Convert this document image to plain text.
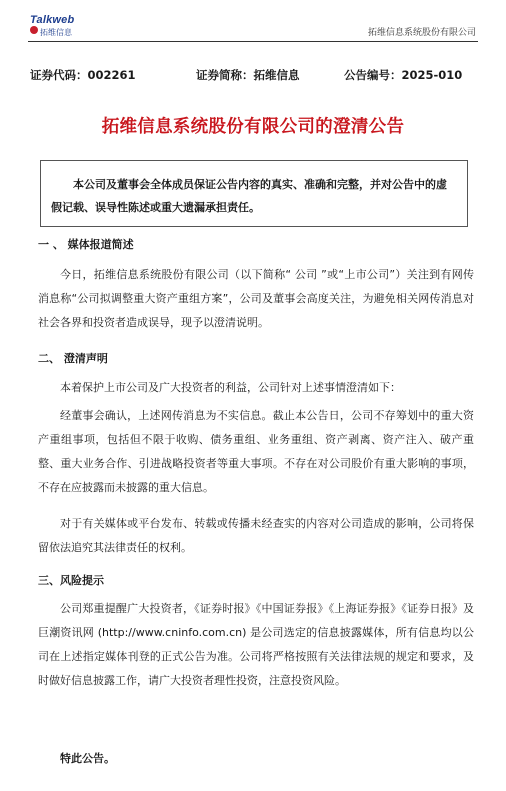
Talkweb
拓维信息	拓维信息系统股份有限公司
证券代码：002261	证券简称：拓维信息	公告编号：2025-010
拓维信息系统股份有限公司的澄清公告

本公司及董事会全体成员保证公告内容的真实、准确和完整，并对公告中的虚假记载、误导性陈述或重大遗漏承担责任。

一 、 媒体报道简述

今日，拓维信息系统股份有限公司（以下简称“ 公司 ”或“上市公司”）关注到有网传消息称“公司拟调整重大资产重组方案”，公司及董事会高度关注，为避免相关网传消息对社会各界和投资者造成误导，现予以澄清说明。

二、 澄清声明

本着保护上市公司及广大投资者的利益，公司针对上述事情澄清如下：

经董事会确认，上述网传消息为不实信息。截止本公告日，公司不存筹划中的重大资产重组事项，包括但不限于收购、债务重组、业务重组、资产剥离、资产注入、破产重整、重大业务合作、引进战略投资者等重大事项。不存在对公司股价有重大影响的事项，不存在应披露而未披露的重大信息。

对于有关媒体或平台发布、转载或传播未经查实的内容对公司造成的影响，公司将保留依法追究其法律责任的权利。

三、风险提示

公司郑重提醒广大投资者，《证券时报》《中国证券报》《上海证券报》《证券日报》及巨潮资讯网 (http://www.cninfo.com.cn) 是公司选定的信息披露媒体，所有信息均以公司在上述指定媒体刊登的正式公告为准。公司将严格按照有关法律法规的规定和要求，及时做好信息披露工作，请广大投资者理性投资，注意投资风险。

特此公告。
